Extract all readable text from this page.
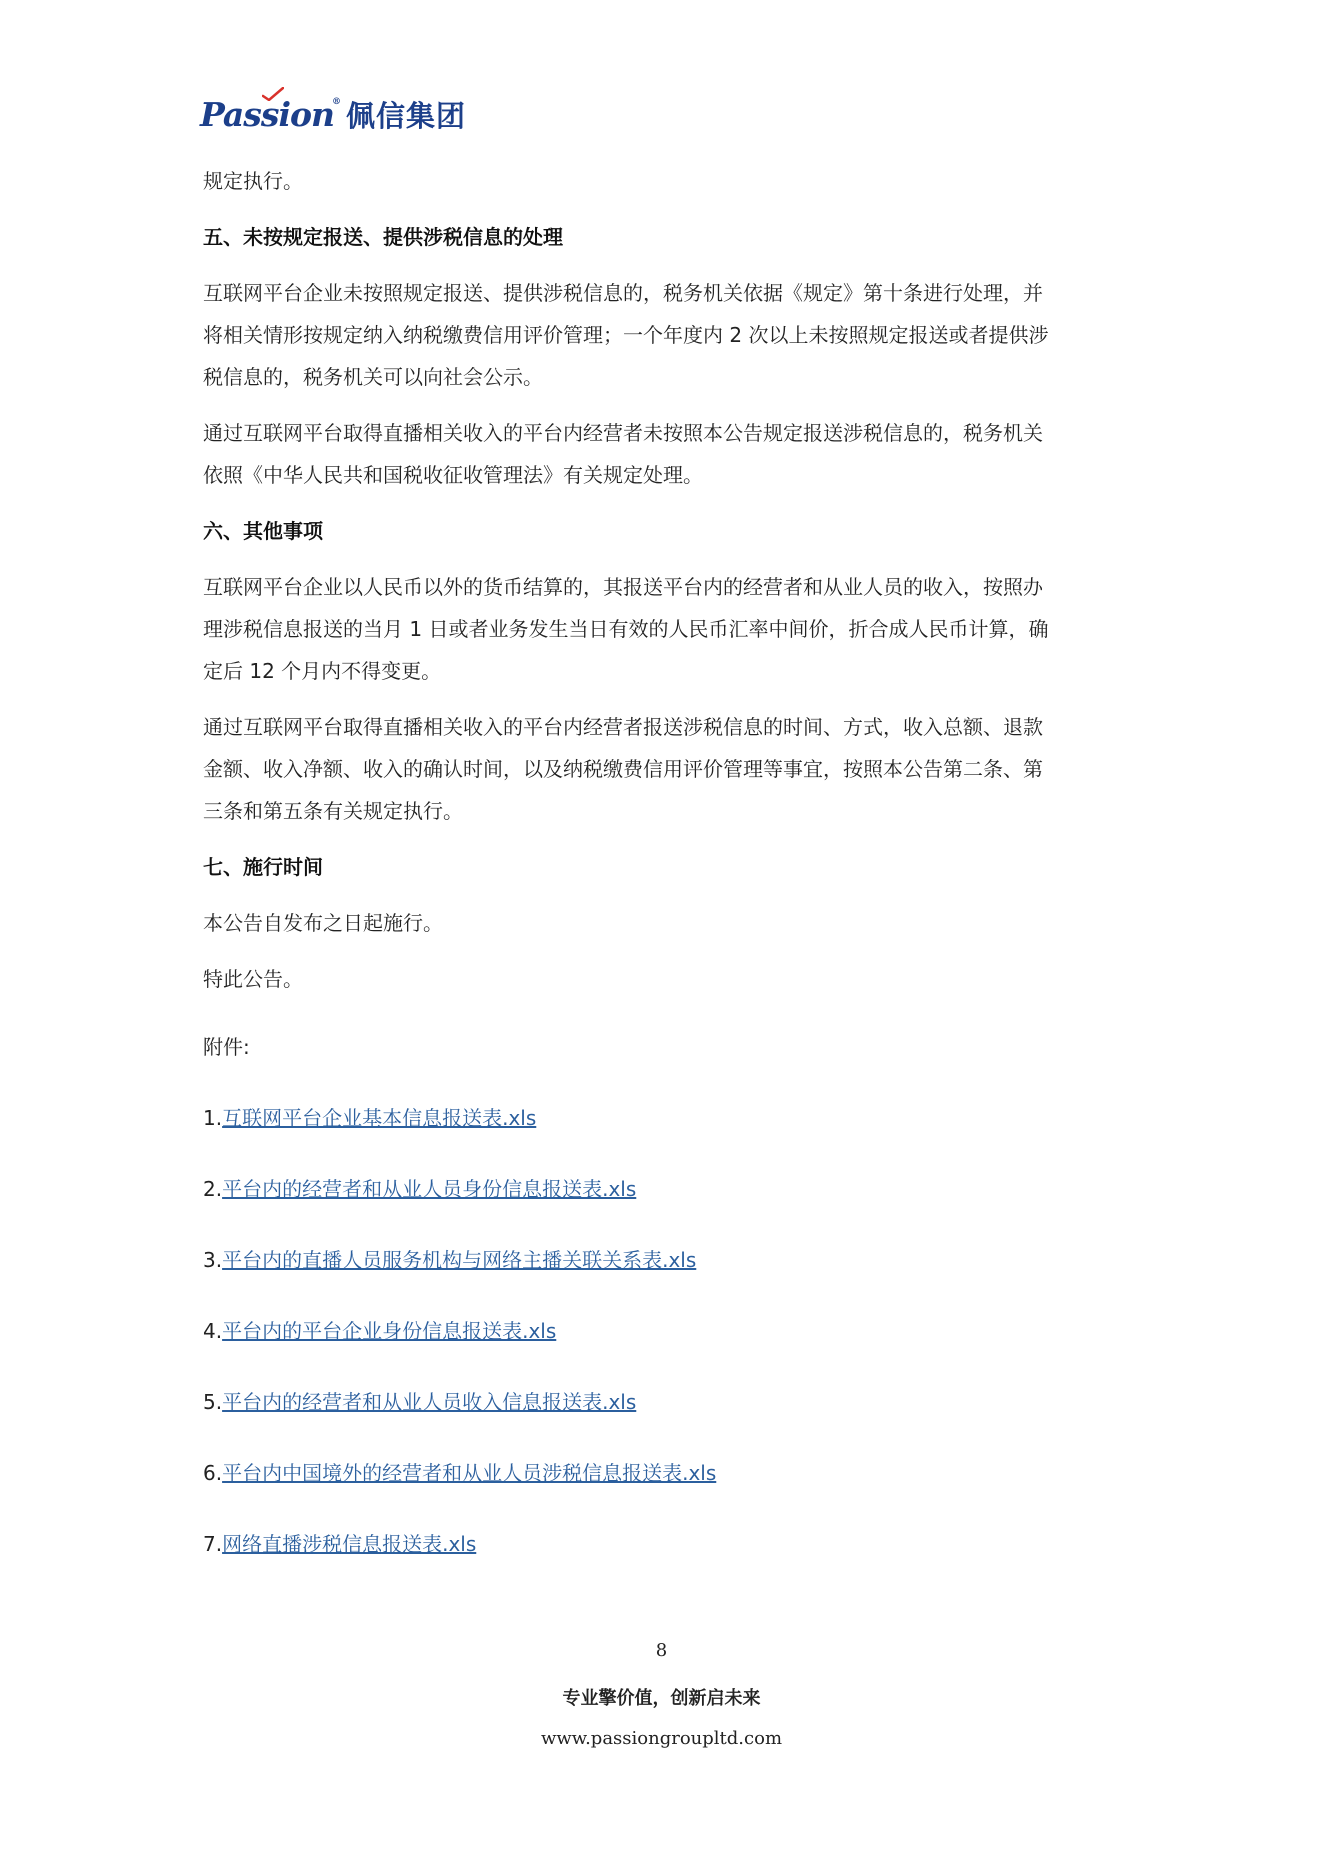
Passion
® 佩信集团

规定执行。

五、未按规定报送、提供涉税信息的处理

互联网平台企业未按照规定报送、提供涉税信息的，税务机关依据《规定》第十条进行处理，并

将相关情形按规定纳入纳税缴费信用评价管理；一个年度内 2 次以上未按照规定报送或者提供涉

税信息的，税务机关可以向社会公示。

通过互联网平台取得直播相关收入的平台内经营者未按照本公告规定报送涉税信息的，税务机关

依照《中华人民共和国税收征收管理法》有关规定处理。

六、其他事项

互联网平台企业以人民币以外的货币结算的，其报送平台内的经营者和从业人员的收入，按照办

理涉税信息报送的当月 1 日或者业务发生当日有效的人民币汇率中间价，折合成人民币计算，确

定后 12 个月内不得变更。

通过互联网平台取得直播相关收入的平台内经营者报送涉税信息的时间、方式，收入总额、退款

金额、收入净额、收入的确认时间，以及纳税缴费信用评价管理等事宜，按照本公告第二条、第

三条和第五条有关规定执行。

七、施行时间

本公告自发布之日起施行。

特此公告。

附件:

1.互联网平台企业基本信息报送表.xls

2.平台内的经营者和从业人员身份信息报送表.xls

3.平台内的直播人员服务机构与网络主播关联关系表.xls

4.平台内的平台企业身份信息报送表.xls

5.平台内的经营者和从业人员收入信息报送表.xls

6.平台内中国境外的经营者和从业人员涉税信息报送表.xls

7.网络直播涉税信息报送表.xls

8
专业擎价值，创新启未来
www.passiongroupltd.com
